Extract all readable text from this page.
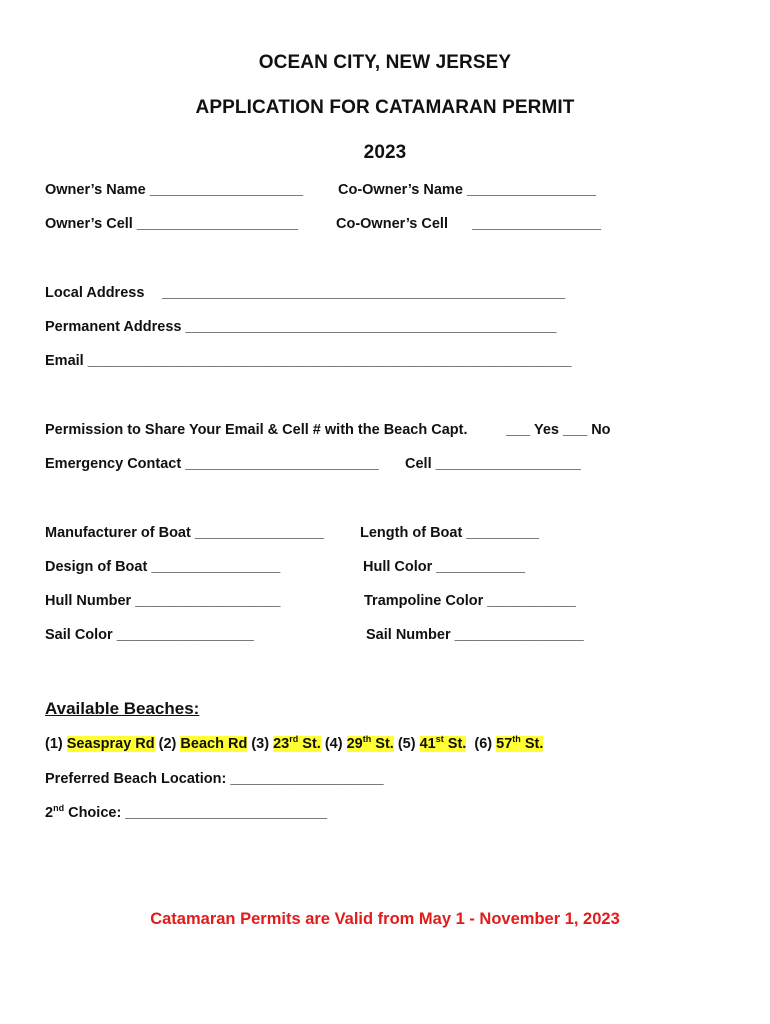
OCEAN CITY, NEW JERSEY
APPLICATION FOR CATAMARAN PERMIT
2023
Owner’s Name ___________________ Co-Owner’s Name ________________
Owner’s Cell ____________________	Co-Owner’s Cell ________________
Local Address __________________________________________________
Permanent Address ______________________________________________
Email ____________________________________________________________
Permission to Share Your Email & Cell # with the Beach Capt.	___ Yes ___ No
Emergency Contact ________________________ Cell __________________
Manufacturer of Boat ________________ Length of Boat _________
Design of Boat ________________	Hull Color ___________
Hull Number __________________	Trampoline Color ___________
Sail Color _________________	Sail Number ________________
Available Beaches:
(1) Seaspray Rd (2) Beach Rd (3) 23rd St. (4) 29th St. (5) 41st St. (6) 57th St.
Preferred Beach Location: ___________________
2nd Choice: _________________________
Catamaran Permits are Valid from May 1 - November 1, 2023
